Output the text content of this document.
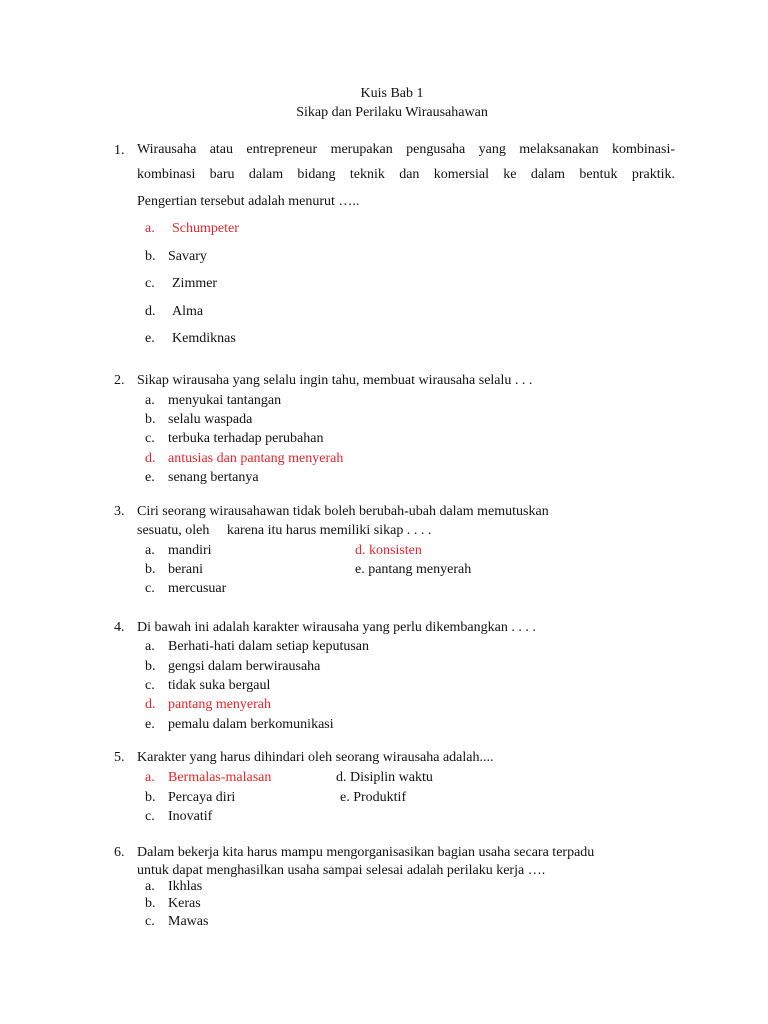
Kuis Bab 1
Sikap dan Perilaku Wirausahawan
1. Wirausaha atau entrepreneur merupakan pengusaha yang melaksanakan kombinasi-
kombinasi baru dalam bidang teknik dan komersial ke dalam bentuk praktik.
Pengertian tersebut adalah menurut …..
a. Schumpeter
b. Savary
c. Zimmer
d. Alma
e. Kemdiknas
2. Sikap wirausaha yang selalu ingin tahu, membuat wirausaha selalu . . .
a. menyukai tantangan
b. selalu waspada
c. terbuka terhadap perubahan
d. antusias dan pantang menyerah
e. senang bertanya
3. Ciri seorang wirausahawan tidak boleh berubah-ubah dalam memutuskan
sesuatu, oleh     karena itu harus memiliki sikap . . . .
a. mandiri	d. konsisten
b. berani	e. pantang menyerah
c. mercusuar
4. Di bawah ini adalah karakter wirausaha yang perlu dikembangkan . . . .
a. Berhati-hati dalam setiap keputusan
b. gengsi dalam berwirausaha
c. tidak suka bergaul
d. pantang menyerah
e. pemalu dalam berkomunikasi
5. Karakter yang harus dihindari oleh seorang wirausaha adalah....
a. Bermalas-malasan	d. Disiplin waktu
b. Percaya diri	e. Produktif
c. Inovatif
6. Dalam bekerja kita harus mampu mengorganisasikan bagian usaha secara terpadu
untuk dapat menghasilkan usaha sampai selesai adalah perilaku kerja ….
a. Ikhlas
b. Keras
c. Mawas
